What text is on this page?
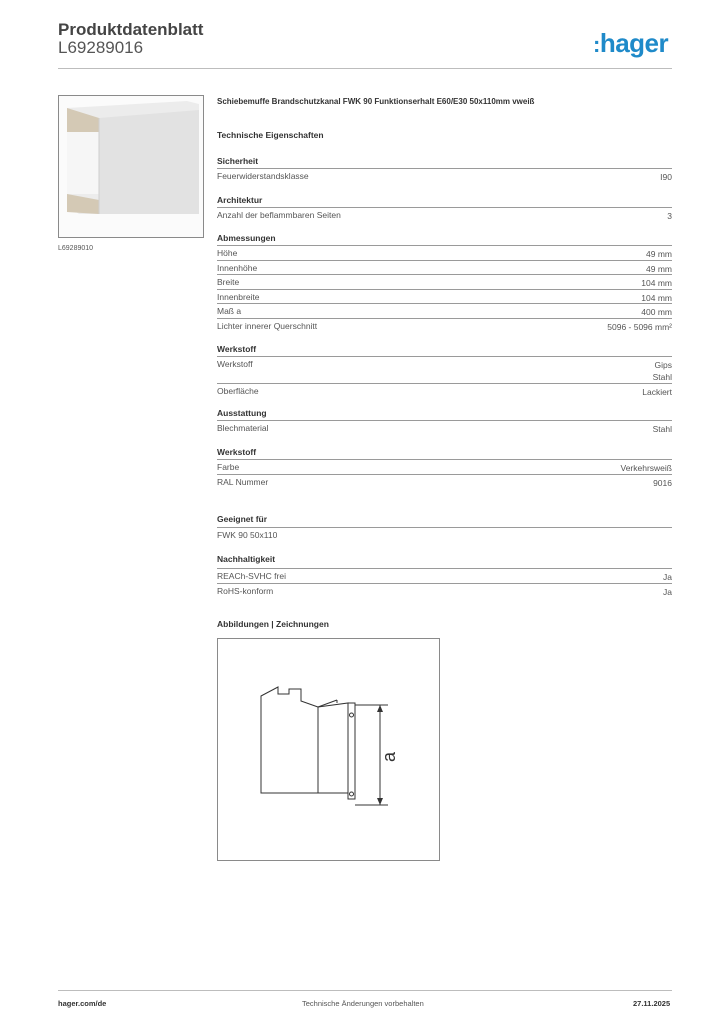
Produktdatenblatt
L69289016	:hager
L69289010
Schiebemuffe Brandschutzkanal FWK 90 Funktionserhalt E60/E30 50x110mm vweiß
Technische Eigenschaften
Sicherheit
Feuerwiderstandsklasse	I90
Architektur
Anzahl der beflammbaren Seiten	3
Abmessungen
Höhe	49 mm
Innenhöhe	49 mm
Breite	104 mm
Innenbreite	104 mm
Maß a	400 mm
Lichter innerer Querschnitt	5096 - 5096 mm²
Werkstoff
Werkstoff	Gips
Stahl
Oberfläche	Lackiert
Ausstattung
Blechmaterial	Stahl
Werkstoff
Farbe	Verkehrsweiß
RAL Nummer	9016
Geeignet für
FWK 90 50x110
Nachhaltigkeit
REACh-SVHC frei	Ja
RoHS-konform	Ja
Abbildungen | Zeichnungen
a
hager.com/de	Technische Änderungen vorbehalten	27.11.2025
